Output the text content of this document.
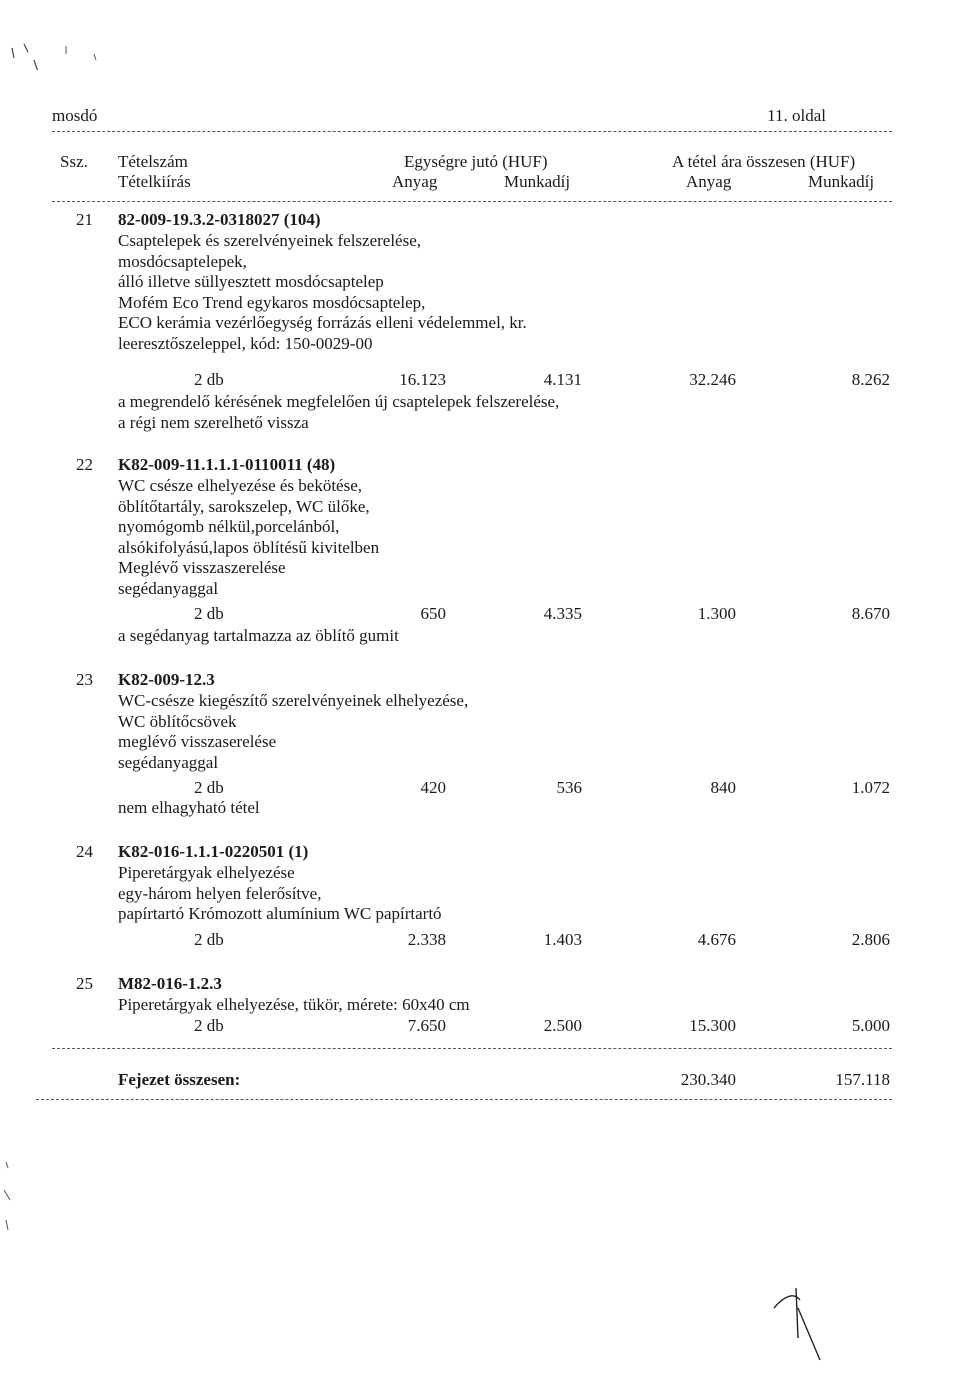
mosdó	11. oldal
Ssz. Tételszám
Tételkiírás
Egységre jutó (HUF)
Anyag	Munkadíj
A tétel ára összesen (HUF)
Anyag	Munkadíj
21 82-009-19.3.2-0318027 (104)
Csaptelepek és szerelvényeinek felszerelése,
mosdócsaptelepek,
álló illetve süllyesztett mosdócsaptelep
Mofém Eco Trend egykaros mosdócsaptelep,
ECO kerámia vezérlőegység forrázás elleni védelemmel, kr.
leeresztőszeleppel, kód: 150-0029-00
2 db	16.123	4.131	32.246	8.262
a megrendelő kérésének megfelelően új csaptelepek felszerelése,
a régi nem szerelhető vissza
22 K82-009-11.1.1.1-0110011 (48)
WC csésze elhelyezése és bekötése,
öblítőtartály, sarokszelep, WC ülőke,
nyomógomb nélkül,porcelánból,
alsókifolyású,lapos öblítésű kivitelben
Meglévő visszaszerelése
segédanyaggal
2 db	650	4.335	1.300	8.670
a segédanyag tartalmazza az öblítő gumit
23 K82-009-12.3
WC-csésze kiegészítő szerelvényeinek elhelyezése,
WC öblítőcsövek
meglévő visszaserelése
segédanyaggal
2 db	420	536	840	1.072
nem elhagyható tétel
24 K82-016-1.1.1-0220501 (1)
Piperetárgyak elhelyezése
egy-három helyen felerősítve,
papírtartó Krómozott alumínium WC papírtartó
2 db	2.338	1.403	4.676	2.806
25 M82-016-1.2.3
Piperetárgyak elhelyezése, tükör, mérete: 60x40 cm
2 db	7.650	2.500	15.300	5.000
Fejezet összesen:	230.340	157.118
